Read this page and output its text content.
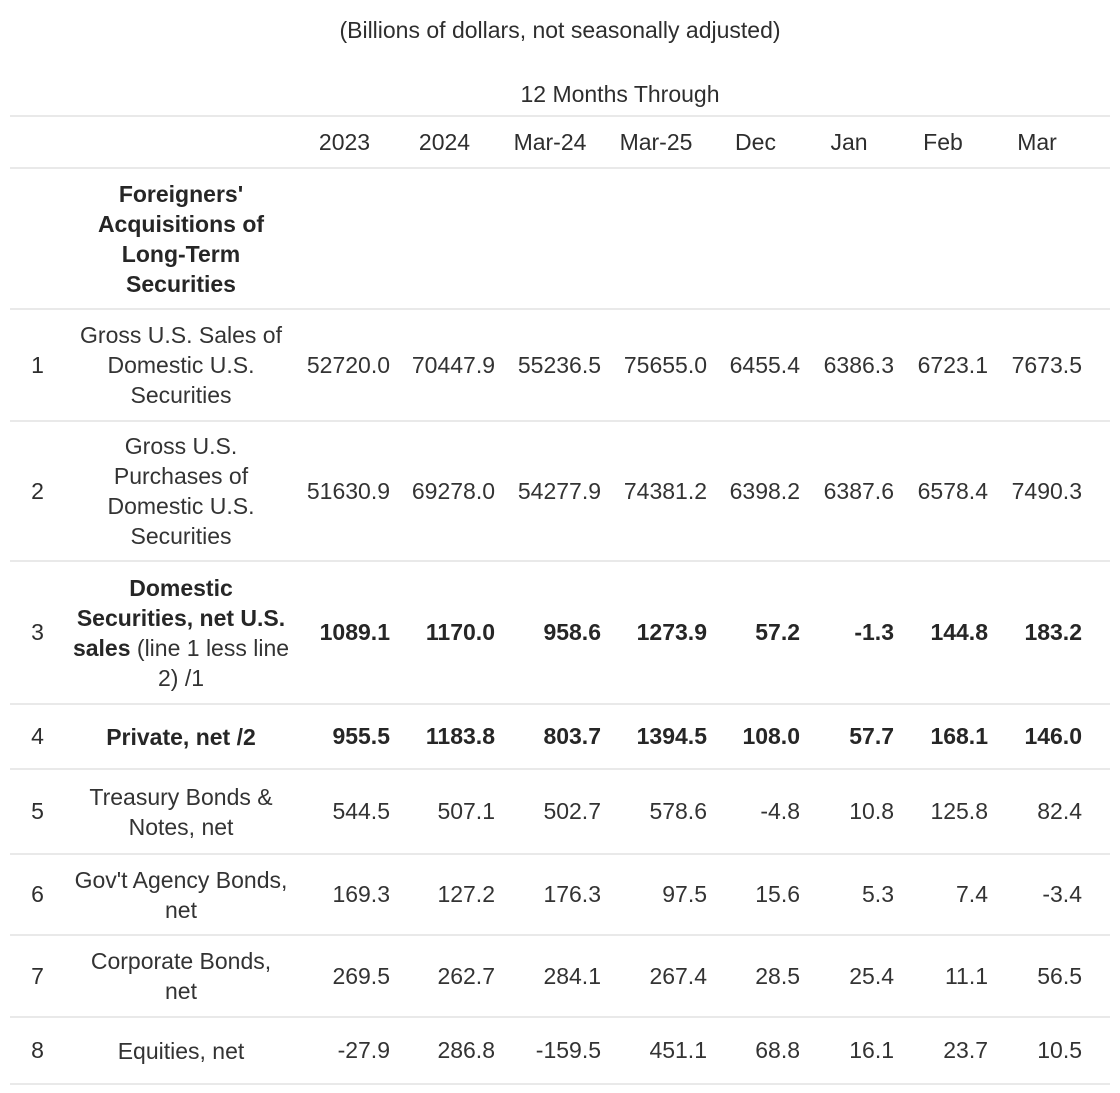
(Billions of dollars, not seasonally adjusted)
12 Months Through
		2023	2024	Mar-24	Mar-25	Dec	Jan	Feb	Mar	
	Foreigners'
Acquisitions of
Long-Term
Securities									
1	Gross U.S. Sales of
Domestic U.S.
Securities	52720.0	70447.9	55236.5	75655.0	6455.4	6386.3	6723.1	7673.5	
2	Gross U.S.
Purchases of
Domestic U.S.
Securities	51630.9	69278.0	54277.9	74381.2	6398.2	6387.6	6578.4	7490.3	
3	Domestic
Securities, net U.S.
sales (line 1 less line
2) /1	1089.1	1170.0	958.6	1273.9	57.2	-1.3	144.8	183.2	
4	Private, net /2	955.5	1183.8	803.7	1394.5	108.0	57.7	168.1	146.0	
5	Treasury Bonds &
Notes, net	544.5	507.1	502.7	578.6	-4.8	10.8	125.8	82.4	
6	Gov't Agency Bonds,
net	169.3	127.2	176.3	97.5	15.6	5.3	7.4	-3.4	
7	Corporate Bonds,
net	269.5	262.7	284.1	267.4	28.5	25.4	11.1	56.5	
8	Equities, net	-27.9	286.8	-159.5	451.1	68.8	16.1	23.7	10.5	
